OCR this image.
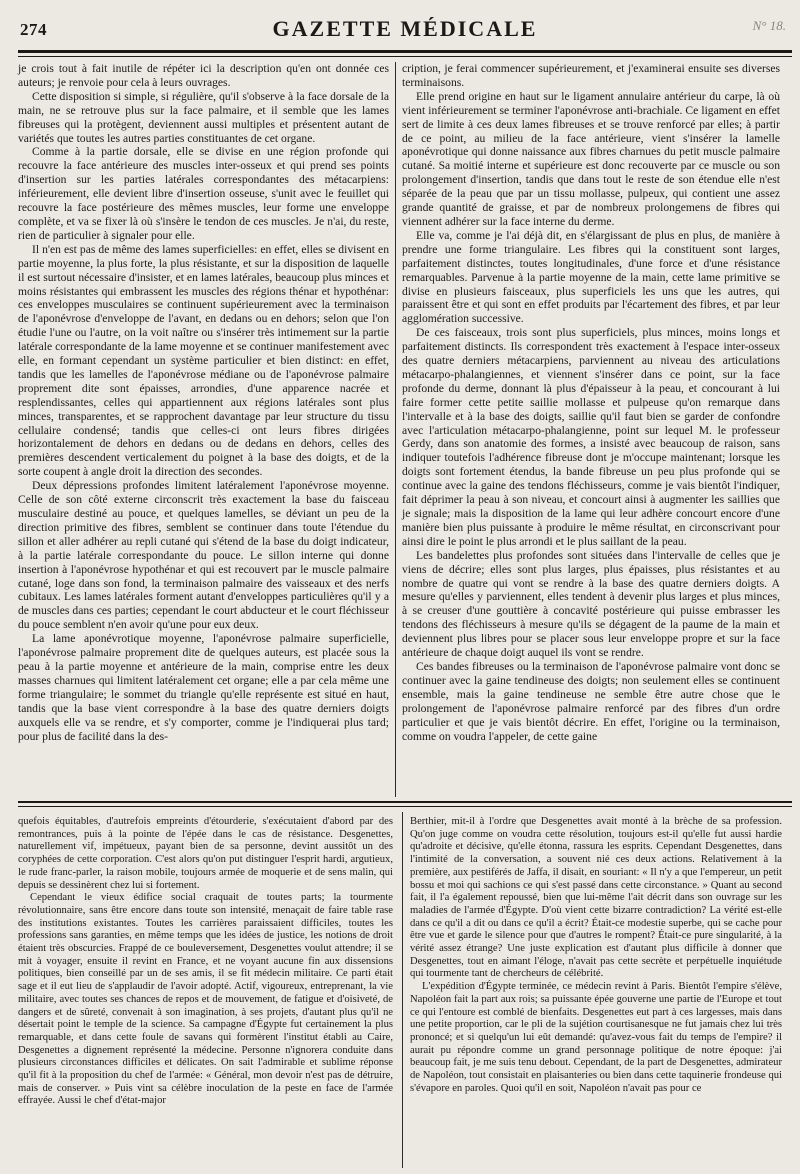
274	GAZETTE MÉDICALE	N° 18.

je crois tout à fait inutile de répéter ici la description qu'en ont donnée ces auteurs; je renvoie pour cela à leurs ouvrages.

Cette disposition si simple, si régulière, qu'il s'observe à la face dorsale de la main, ne se retrouve plus sur la face palmaire, et il semble que les lames fibreuses qui la protègent, deviennent aussi multiples et présentent autant de variétés que toutes les autres parties constituantes de cet organe.

Comme à la partie dorsale, elle se divise en une région profonde qui recouvre la face antérieure des muscles inter-osseux et qui prend ses points d'insertion sur les parties latérales correspondantes des métacarpiens: inférieurement, elle devient libre d'insertion osseuse, s'unit avec le feuillet qui recouvre la face postérieure des mêmes muscles, leur forme une enveloppe complète, et va se fixer là où s'insère le tendon de ces muscles. Je n'ai, du reste, rien de particulier à signaler pour elle.

Il n'en est pas de même des lames superficielles: en effet, elles se divisent en partie moyenne, la plus forte, la plus résistante, et sur la disposition de laquelle il est surtout nécessaire d'insister, et en lames latérales, beaucoup plus minces et moins résistantes qui embrassent les muscles des régions thénar et hypothénar: ces enveloppes musculaires se continuent supérieurement avec la terminaison de l'aponévrose d'enveloppe de l'avant, en dedans ou en dehors; selon que l'on étudie l'une ou l'autre, on la voit naître ou s'insérer très intimement sur la partie latérale correspondante de la lame moyenne et se continuer manifestement avec elle, en formant cependant un système particulier et bien distinct: en effet, tandis que les lamelles de l'aponévrose médiane ou de l'aponévrose palmaire proprement dite sont épaisses, arrondies, d'une apparence nacrée et resplendissantes, celles qui appartiennent aux régions latérales sont plus minces, transparentes, et se rapprochent davantage par leur structure du tissu cellulaire condensé; tandis que celles-ci ont leurs fibres dirigées horizontalement de dehors en dedans ou de dedans en dehors, celles des premières descendent verticalement du poignet à la base des doigts, et de la sorte coupent à angle droit la direction des secondes.

Deux dépressions profondes limitent latéralement l'aponévrose moyenne. Celle de son côté externe circonscrit très exactement la base du faisceau musculaire destiné au pouce, et quelques lamelles, se déviant un peu de la direction primitive des fibres, semblent se continuer dans toute l'étendue du sillon et aller adhérer au repli cutané qui s'étend de la base du doigt indicateur, à la partie latérale correspondante du pouce. Le sillon interne qui donne insertion à l'aponévrose hypothénar et qui est recouvert par le muscle palmaire cutané, loge dans son fond, la terminaison palmaire des vaisseaux et des nerfs cubitaux. Les lames latérales forment autant d'enveloppes particulières qu'il y a de muscles dans ces parties; cependant le court abducteur et le court fléchisseur du pouce semblent n'en avoir qu'une pour eux deux.

La lame aponévrotique moyenne, l'aponévrose palmaire superficielle, l'aponévrose palmaire proprement dite de quelques auteurs, est placée sous la peau à la partie moyenne et antérieure de la main, comprise entre les deux masses charnues qui limitent latéralement cet organe; elle a par cela même une forme triangulaire; le sommet du triangle qu'elle représente est situé en haut, tandis que la base vient correspondre à la base des quatre derniers doigts auxquels elle va se rendre, et s'y comporter, comme je l'indiquerai plus tard; pour plus de facilité dans la des-

cription, je ferai commencer supérieurement, et j'examinerai ensuite ses diverses terminaisons.

Elle prend origine en haut sur le ligament annulaire antérieur du carpe, là où vient inférieurement se terminer l'aponévrose anti-brachiale. Ce ligament en effet sert de limite à ces deux lames fibreuses et se trouve renforcé par elles; à partir de ce point, au milieu de la face antérieure, vient s'insérer la lamelle aponévrotique qui donne naissance aux fibres charnues du petit muscle palmaire cutané. Sa moitié interne et supérieure est donc recouverte par ce muscle ou son prolongement d'insertion, tandis que dans tout le reste de son étendue elle n'est séparée de la peau que par un tissu mollasse, pulpeux, qui contient une assez grande quantité de graisse, et par de nombreux prolongemens de fibres qui viennent adhérer sur la face interne du derme.

Elle va, comme je l'ai déjà dit, en s'élargissant de plus en plus, de manière à prendre une forme triangulaire. Les fibres qui la constituent sont larges, parfaitement distinctes, toutes longitudinales, d'une force et d'une résistance remarquables. Parvenue à la partie moyenne de la main, cette lame primitive se divise en plusieurs faisceaux, plus superficiels les uns que les autres, qui paraissent être et qui sont en effet produits par l'écartement des fibres, et par leur agglomération successive.

De ces faisceaux, trois sont plus superficiels, plus minces, moins longs et parfaitement distincts. Ils correspondent très exactement à l'espace inter-osseux des quatre derniers métacarpiens, parviennent au niveau des articulations métacarpo-phalangiennes, et viennent s'insérer dans ce point, sur la face profonde du derme, donnant là plus d'épaisseur à la peau, et concourant à lui faire former cette petite saillie mollasse et pulpeuse qu'on remarque dans l'intervalle et à la base des doigts, saillie qu'il faut bien se garder de confondre avec l'articulation métacarpo-phalangienne, point sur lequel M. le professeur Gerdy, dans son anatomie des formes, a insisté avec beaucoup de raison, sans indiquer toutefois l'adhérence fibreuse dont je m'occupe maintenant; lorsque les doigts sont fortement étendus, la bande fibreuse un peu plus profonde qui se continue avec la gaine des tendons fléchisseurs, comme je vais bientôt l'indiquer, fait déprimer la peau à son niveau, et concourt ainsi à augmenter les saillies que je signale; mais la disposition de la lame qui leur adhère concourt encore d'une manière bien plus puissante à produire le même résultat, en circonscrivant pour ainsi dire le point le plus arrondi et le plus saillant de la peau.

Les bandelettes plus profondes sont situées dans l'intervalle de celles que je viens de décrire; elles sont plus larges, plus épaisses, plus résistantes et au nombre de quatre qui vont se rendre à la base des quatre derniers doigts. A mesure qu'elles y parviennent, elles tendent à devenir plus larges et plus minces, à se creuser d'une gouttière à concavité postérieure qui puisse embrasser les tendons des fléchisseurs à mesure qu'ils se dégagent de la paume de la main et deviennent plus libres pour se placer sous leur enveloppe propre et sur la face antérieure de chaque doigt auquel ils vont se rendre.

Ces bandes fibreuses ou la terminaison de l'aponévrose palmaire vont donc se continuer avec la gaine tendineuse des doigts; non seulement elles se continuent ensemble, mais la gaine tendineuse ne semble être autre chose que le prolongement de l'aponévrose palmaire renforcé par des fibres d'un ordre particulier et que je vais bientôt décrire. En effet, l'origine ou la terminaison, comme on voudra l'appeler, de cette gaine

quefois équitables, d'autrefois empreints d'étourderie, s'exécutaient d'abord par des remontrances, puis à la pointe de l'épée dans le cas de résistance. Desgenettes, naturellement vif, impétueux, payant bien de sa personne, devint aussitôt un des coryphées de cette corporation. C'est alors qu'on put distinguer l'esprit hardi, argutieux, le rude franc-parler, la raison mobile, toujours armée de moquerie et de sens malin, qui depuis se dessinèrent chez lui si fortement.

Cependant le vieux édifice social craquait de toutes parts; la tourmente révolutionnaire, sans être encore dans toute son intensité, menaçait de faire table rase des institutions existantes. Toutes les carrières paraissaient difficiles, toutes les professions sans garanties, en même temps que les idées de justice, les notions de droit étaient très obscurcies. Frappé de ce bouleversement, Desgenettes voulut attendre; il se mit à voyager, ensuite il revint en France, et ne voyant aucune fin aux dissensions politiques, bien conseillé par un de ses amis, il se fit médecin militaire. Ce parti était sage et il eut lieu de s'applaudir de l'avoir adopté. Actif, vigoureux, entreprenant, la vie militaire, avec toutes ses chances de repos et de mouvement, de fatigue et d'oisiveté, de dangers et de sûreté, convenait à son imagination, à ses projets, d'autant plus qu'il ne désertait point le temple de la science. Sa campagne d'Égypte fut certainement la plus remarquable, et dans cette foule de savans qui formèrent l'institut établi au Caire, Desgenettes a dignement représenté la médecine. Personne n'ignorera conduite dans plusieurs circonstances difficiles et délicates. On sait l'admirable et sublime réponse qu'il fit à la proposition du chef de l'armée: « Général, mon devoir n'est pas de détruire, mais de conserver. » Puis vint sa célèbre inoculation de la peste en face de l'armée effrayée. Aussi le chef d'état-major

Berthier, mit-il à l'ordre que Desgenettes avait monté à la brèche de sa profession. Qu'on juge comme on voudra cette résolution, toujours est-il qu'elle fut aussi hardie qu'adroite et décisive, qu'elle étonna, rassura les esprits. Cependant Desgenettes, dans l'intimité de la conversation, a souvent nié ces deux actions. Relativement à la première, aux pestiférés de Jaffa, il disait, en souriant: « Il n'y a que l'empereur, un petit bossu et moi qui sachions ce qui s'est passé dans cette circonstance. » Quant au second fait, il l'a également repoussé, bien que lui-même l'ait décrit dans son ouvrage sur les maladies de l'armée d'Égypte. D'où vient cette bizarre contradiction? La vérité est-elle dans ce qu'il a dit ou dans ce qu'il a écrit? Était-ce modestie superbe, qui se cache pour être vue et garde le silence pour que d'autres le rompent? Était-ce pure singularité, à la vérité assez étrange? Une juste explication est d'autant plus difficile à donner que Desgenettes, tout en aimant l'éloge, n'avait pas cette secrète et perpétuelle inquiétude qui tourmente tant de chercheurs de célébrité.

L'expédition d'Égypte terminée, ce médecin revint à Paris. Bientôt l'empire s'élève, Napoléon fait la part aux rois; sa puissante épée gouverne une partie de l'Europe et tout ce qui l'entoure est comblé de bienfaits. Desgenettes eut part à ces largesses, mais dans une petite proportion, car le pli de la sujétion courtisanesque ne fut jamais chez lui très prononcé; et si quelqu'un lui eût demandé: qu'avez-vous fait du temps de l'empire? il aurait pu répondre comme un grand personnage politique de notre époque: j'ai beaucoup fait, je me suis tenu debout. Cependant, de la part de Desgenettes, admirateur de Napoléon, tout consistait en plaisanteries ou bien dans cette taquinerie frondeuse qui s'évapore en paroles. Quoi qu'il en soit, Napoléon n'avait pas pour ce
